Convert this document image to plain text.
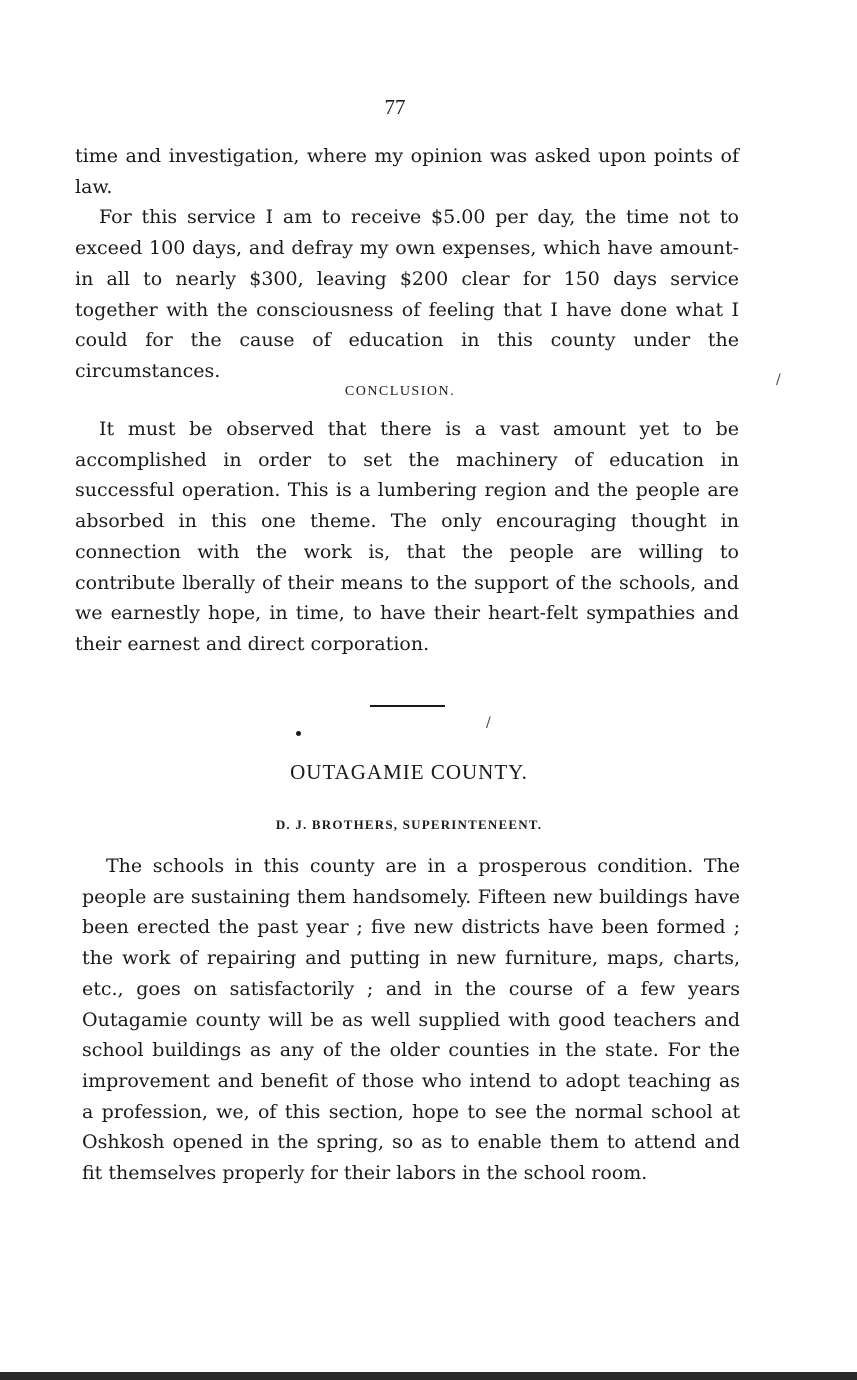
77

time and investigation, where my opinion was asked upon points of law.

For this service I am to receive $5.00 per day, the time not to exceed 100 days, and defray my own expenses, which have amount-in all to nearly $300, leaving $200 clear for 150 days service together with the consciousness of feeling that I have done what I could for the cause of education in this county under the circumstances.

CONCLUSION.

It must be observed that there is a vast amount yet to be accomplished in order to set the machinery of education in successful operation. This is a lumbering region and the people are absorbed in this one theme. The only encouraging thought in connection with the work is, that the people are willing to contribute lberally of their means to the support of the schools, and we earnestly hope, in time, to have their heart-felt sympathies and their earnest and direct corporation.

/
/
OUTAGAMIE COUNTY.
D. J. BROTHERS, SUPERINTENEENT.

The schools in this county are in a prosperous condition. The people are sustaining them handsomely. Fifteen new buildings have been erected the past year ; five new districts have been formed ; the work of repairing and putting in new furniture, maps, charts, etc., goes on satisfactorily ; and in the course of a few years Outagamie county will be as well supplied with good teachers and school buildings as any of the older counties in the state. For the improvement and benefit of those who intend to adopt teaching as a profession, we, of this section, hope to see the normal school at Oshkosh opened in the spring, so as to enable them to attend and fit themselves properly for their labors in the school room.
